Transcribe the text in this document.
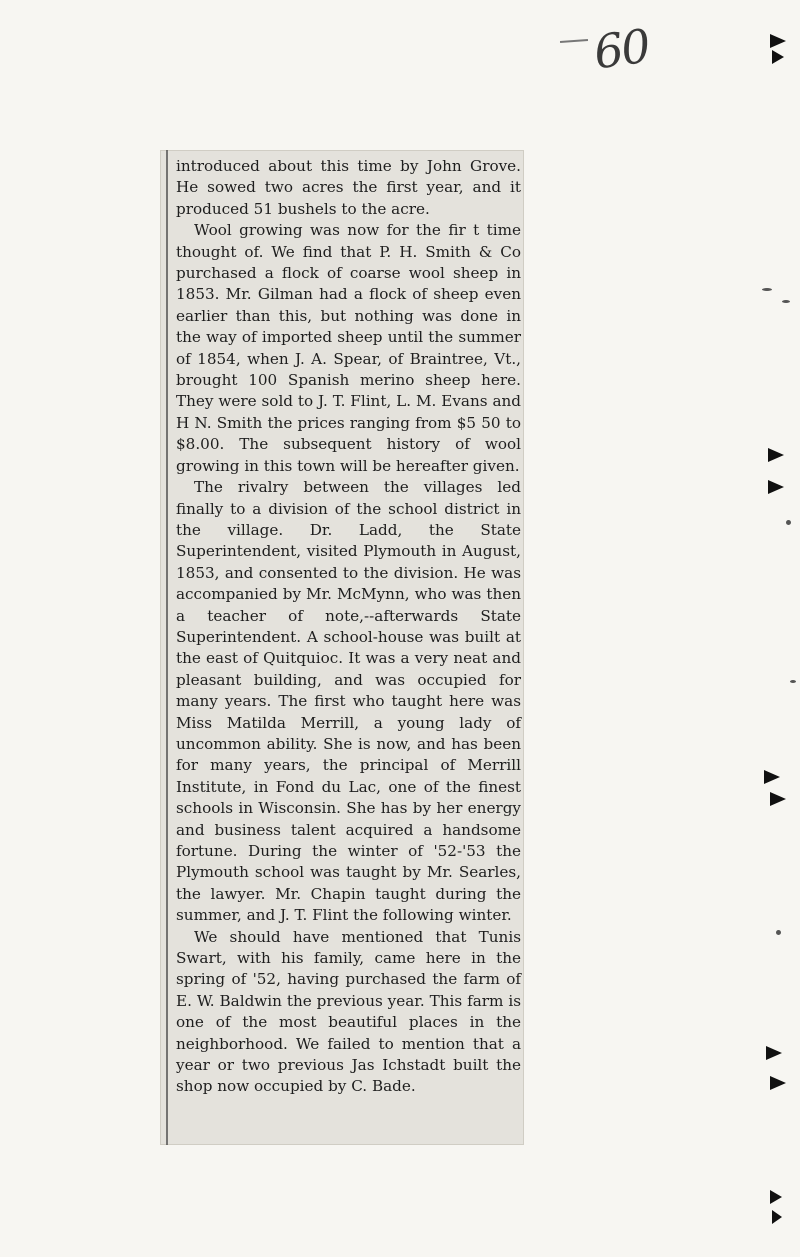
60

introduced about this time by John Grove. He sowed two acres the first year, and it produced 51 bushels to the acre.

Wool growing was now for the fir t time thought of. We find that P. H. Smith & Co purchased a flock of coarse wool sheep in 1853. Mr. Gilman had a flock of sheep even earlier than this, but nothing was done in the way of imported sheep until the summer of 1854, when J. A. Spear, of Braintree, Vt., brought 100 Spanish merino sheep here. They were sold to J. T. Flint, L. M. Evans and H N. Smith the prices ranging from $5 50 to $8.00. The subsequent history of wool growing in this town will be hereafter given.

The rivalry between the villages led finally to a division of the school district in the village. Dr. Ladd, the State Superintendent, visited Plymouth in August, 1853, and consented to the division. He was accompanied by Mr. McMynn, who was then a teacher of note,--afterwards State Superintendent. A school-house was built at the east of Quitquioc. It was a very neat and pleasant building, and was occupied for many years. The first who taught here was Miss Matilda Merrill, a young lady of uncommon ability. She is now, and has been for many years, the principal of Merrill Institute, in Fond du Lac, one of the finest schools in Wisconsin. She has by her energy and business talent acquired a handsome fortune. During the winter of '52-'53 the Plymouth school was taught by Mr. Searles, the lawyer. Mr. Chapin taught during the summer, and J. T. Flint the following winter.

We should have mentioned that Tunis Swart, with his family, came here in the spring of '52, having purchased the farm of E. W. Baldwin the previous year. This farm is one of the most beautiful places in the neighborhood. We failed to mention that a year or two previous Jas Ichstadt built the shop now occupied by C. Bade.
